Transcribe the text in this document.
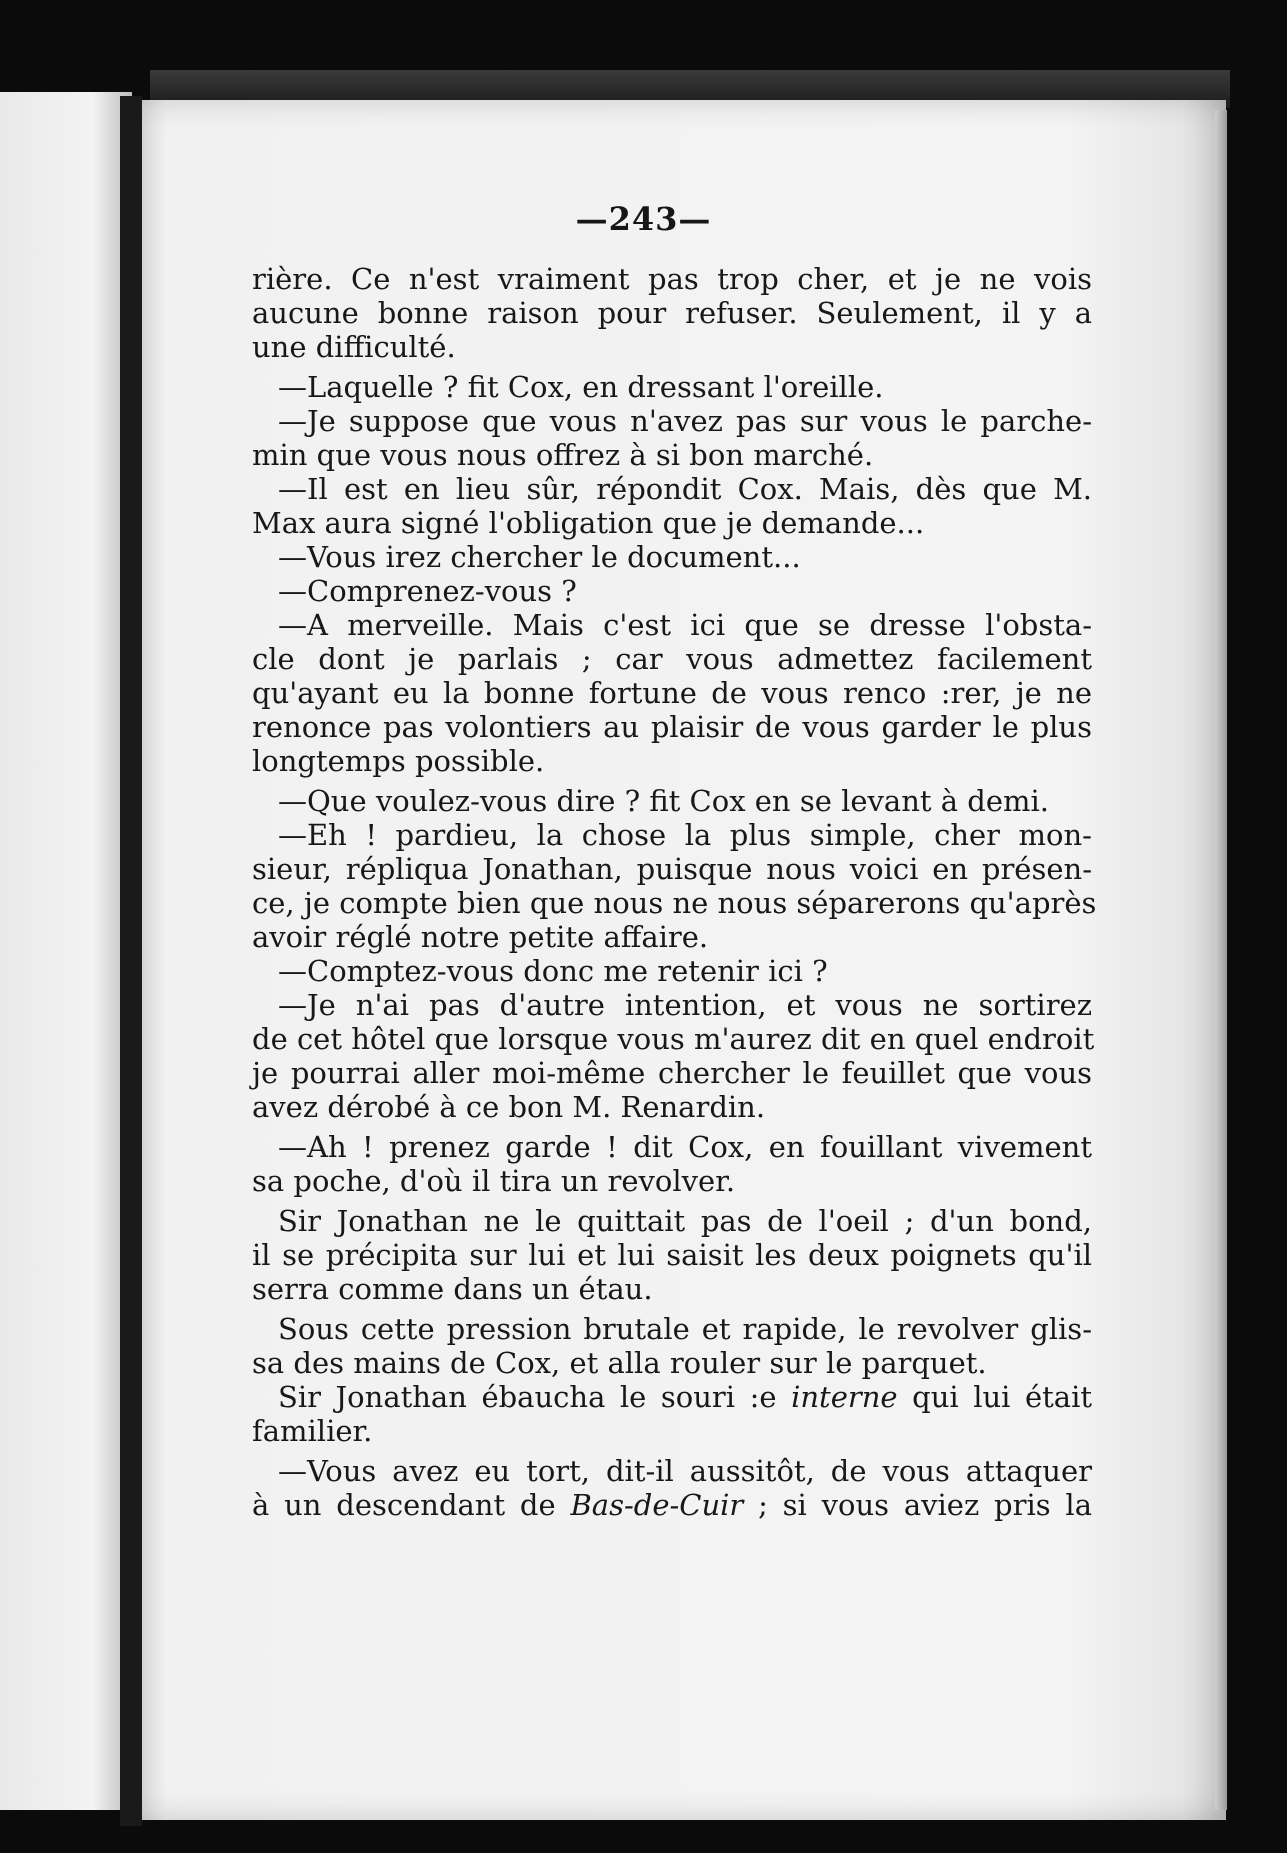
—243—

rière. Ce n'est vraiment pas trop cher, et je ne vois
aucune bonne raison pour refuser. Seulement, il y a
une difficulté.

—Laquelle ? fit Cox, en dressant l'oreille.

—Je suppose que vous n'avez pas sur vous le parche-
min que vous nous offrez à si bon marché.

—Il est en lieu sûr, répondit Cox. Mais, dès que M.
Max aura signé l'obligation que je demande...

—Vous irez chercher le document...

—Comprenez-vous ?

—A merveille. Mais c'est ici que se dresse l'obsta-
cle dont je parlais ; car vous admettez facilement
qu'ayant eu la bonne fortune de vous renco :rer, je ne
renonce pas volontiers au plaisir de vous garder le plus
longtemps possible.

—Que voulez-vous dire ? fit Cox en se levant à demi.

—Eh ! pardieu, la chose la plus simple, cher mon-
sieur, répliqua Jonathan, puisque nous voici en présen-
ce, je compte bien que nous ne nous séparerons qu'après
avoir réglé notre petite affaire.

—Comptez-vous donc me retenir ici ?

—Je n'ai pas d'autre intention, et vous ne sortirez
de cet hôtel que lorsque vous m'aurez dit en quel endroit
je pourrai aller moi-même chercher le feuillet que vous
avez dérobé à ce bon M. Renardin.

—Ah ! prenez garde ! dit Cox, en fouillant vivement
sa poche, d'où il tira un revolver.

Sir Jonathan ne le quittait pas de l'oeil ; d'un bond,
il se précipita sur lui et lui saisit les deux poignets qu'il
serra comme dans un étau.

Sous cette pression brutale et rapide, le revolver glis-
sa des mains de Cox, et alla rouler sur le parquet.

Sir Jonathan ébaucha le souri :e interne qui lui était
familier.

—Vous avez eu tort, dit-il aussitôt, de vous attaquer
à un descendant de Bas-de-Cuir ; si vous aviez pris la
